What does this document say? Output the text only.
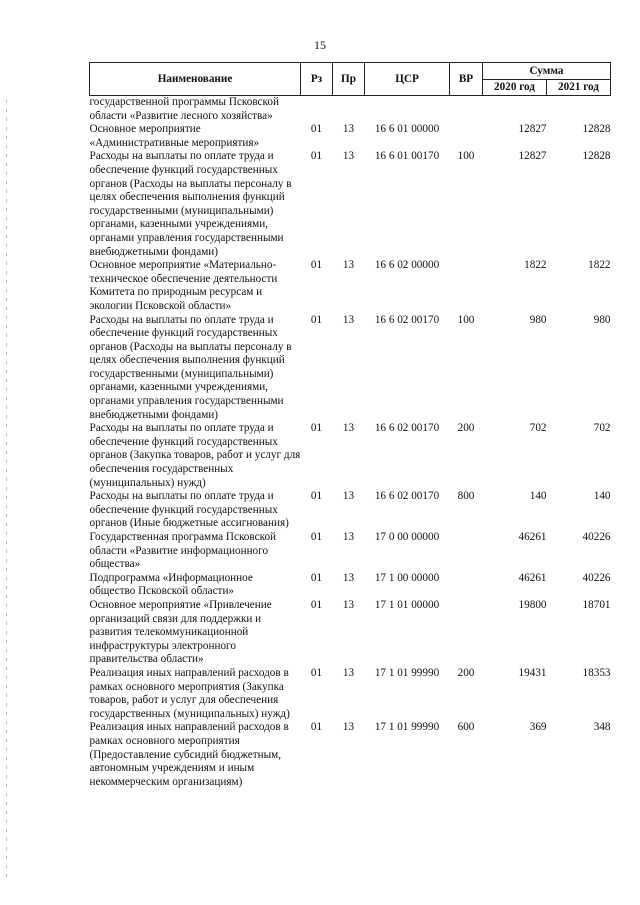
15
Наименование	Рз	Пр	ЦСР	ВР	Сумма	
					2020 год	2021 год
государственной программы Псковской области «Развитие лесного хозяйства»						
Основное мероприятие «Административные мероприятия»	01	13	16 6 01 00000		12827	12828
Расходы на выплаты по оплате труда и обеспечение функций государственных органов (Расходы на выплаты персоналу в целях обеспечения выполнения функций государственными (муниципальными) органами, казенными учреждениями, органами управления государственными внебюджетными фондами)	01	13	16 6 01 00170	100	12827	12828
Основное мероприятие «Материально-техническое обеспечение деятельности Комитета по природным ресурсам и экологии Псковской области»	01	13	16 6 02 00000		1822	1822
Расходы на выплаты по оплате труда и обеспечение функций государственных органов (Расходы на выплаты персоналу в целях обеспечения выполнения функций государственными (муниципальными) органами, казенными учреждениями, органами управления государственными внебюджетными фондами)	01	13	16 6 02 00170	100	980	980
Расходы на выплаты по оплате труда и обеспечение функций государственных органов (Закупка товаров, работ и услуг для обеспечения государственных (муниципальных) нужд)	01	13	16 6 02 00170	200	702	702
Расходы на выплаты по оплате труда и обеспечение функций государственных органов (Иные бюджетные ассигнования)	01	13	16 6 02 00170	800	140	140
Государственная программа Псковской области «Развитие информационного общества»	01	13	17 0 00 00000		46261	40226
Подпрограмма «Информационное общество Псковской области»	01	13	17 1 00 00000		46261	40226
Основное мероприятие «Привлечение организаций связи для поддержки и развития телекоммуникационной инфраструктуры электронного правительства области»	01	13	17 1 01 00000		19800	18701
Реализация иных направлений расходов в рамках основного мероприятия (Закупка товаров, работ и услуг для обеспечения государственных (муниципальных) нужд)	01	13	17 1 01 99990	200	19431	18353
Реализация иных направлений расходов в рамках основного мероприятия (Предоставление субсидий бюджетным, автономным учреждениям и иным некоммерческим организациям)	01	13	17 1 01 99990	600	369	348
